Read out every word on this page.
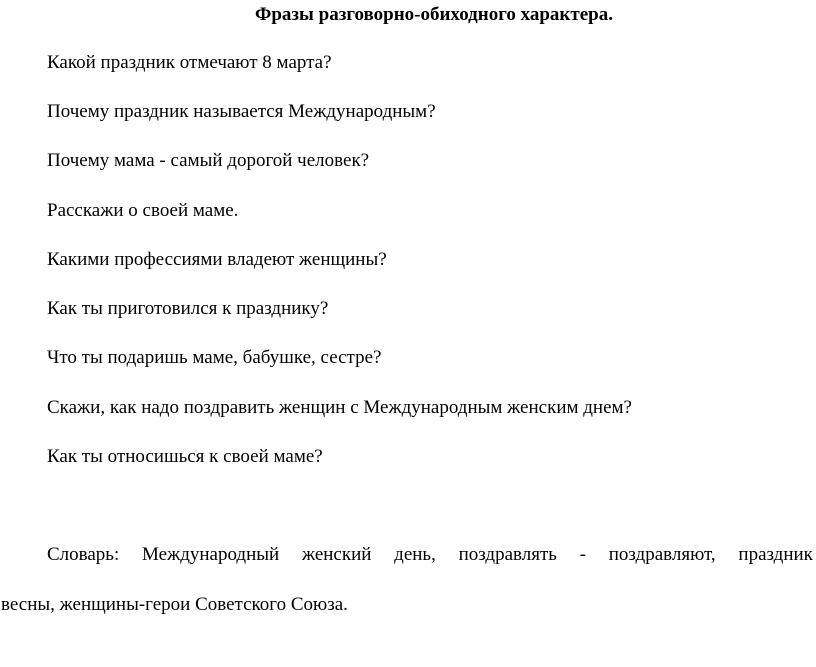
Фразы разговорно-обиходного характера.
Какой праздник отмечают 8 марта?
Почему праздник называется Международным?
Почему мама - самый дорогой человек?
Расскажи о своей маме.
Какими профессиями владеют женщины?
Как ты приготовился к празднику?
Что ты подаришь маме, бабушке, сестре?
Скажи, как надо поздравить женщин с Международным женским днем?
Как ты относишься к своей маме?
Словарь: Международный женский день, поздравлять - поздравляют, праздник
весны, женщины-герои Советского Союза.
